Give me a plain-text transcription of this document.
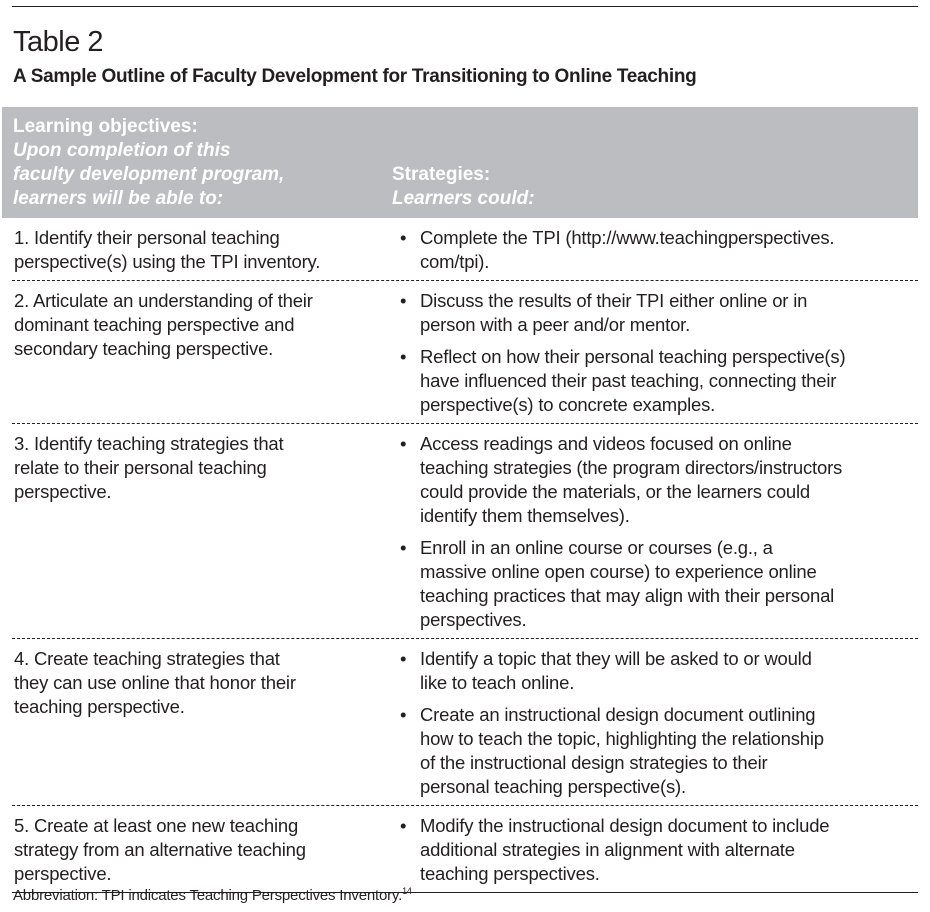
Table 2
A Sample Outline of Faculty Development for Transitioning to Online Teaching
Learning objectives:
Upon completion of this
faculty development program,
learners will be able to:
Strategies:
Learners could:
1. Identify their personal teaching
perspective(s) using the TPI inventory.
• Complete the TPI (http://www.teachingperspectives.
com/tpi).
2. Articulate an understanding of their
dominant teaching perspective and
secondary teaching perspective.
• Discuss the results of their TPI either online or in
person with a peer and/or mentor.
• Reflect on how their personal teaching perspective(s)
have influenced their past teaching, connecting their
perspective(s) to concrete examples.
3. Identify teaching strategies that
relate to their personal teaching
perspective.
• Access readings and videos focused on online
teaching strategies (the program directors/instructors
could provide the materials, or the learners could
identify them themselves).
• Enroll in an online course or courses (e.g., a
massive online open course) to experience online
teaching practices that may align with their personal
perspectives.
4. Create teaching strategies that
they can use online that honor their
teaching perspective.
• Identify a topic that they will be asked to or would
like to teach online.
• Create an instructional design document outlining
how to teach the topic, highlighting the relationship
of the instructional design strategies to their
personal teaching perspective(s).
5. Create at least one new teaching
strategy from an alternative teaching
perspective.
• Modify the instructional design document to include
additional strategies in alignment with alternate
teaching perspectives.
Abbreviation: TPI indicates Teaching Perspectives Inventory.$^{14}$
